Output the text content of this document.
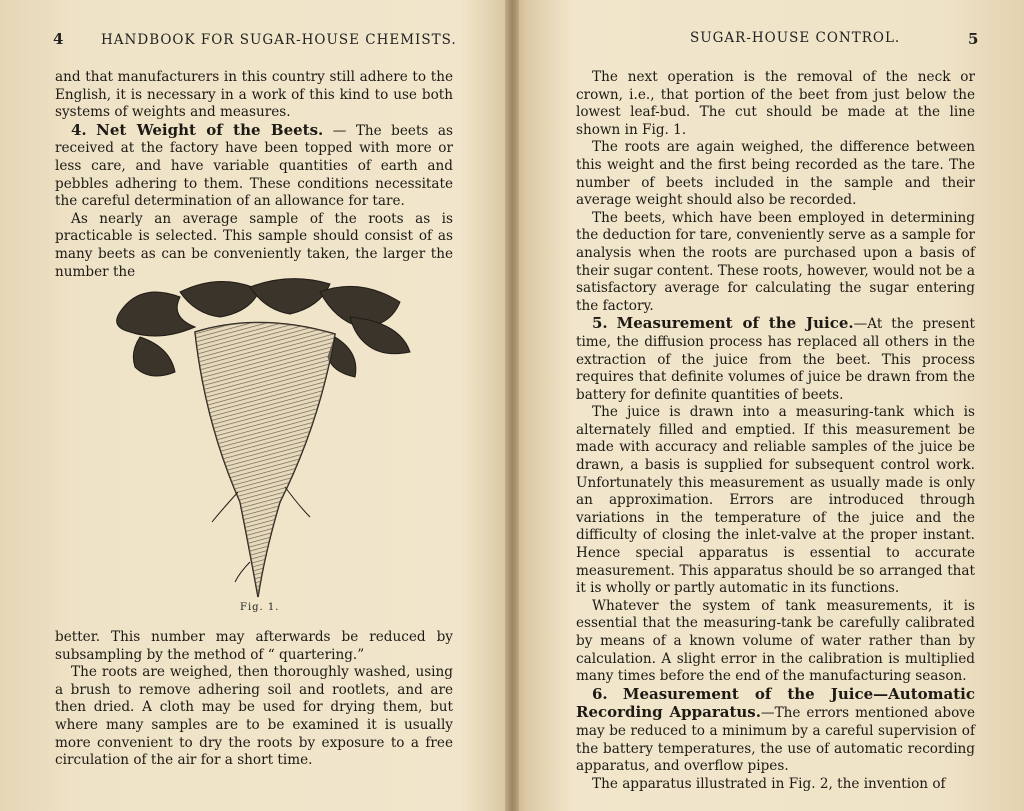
4	HANDBOOK FOR SUGAR-HOUSE CHEMISTS.

and that manufacturers in this country still adhere to the English, it is necessary in a work of this kind to use both systems of weights and measures.

4. Net Weight of the Beets. — The beets as received at the factory have been topped with more or less care, and have variable quantities of earth and pebbles adhering to them. These conditions necessitate the careful determination of an allowance for tare.

As nearly an average sample of the roots as is practicable is selected. This sample should consist of as many beets as can be conveniently taken, the larger the number the

Fig. 1.

better. This number may afterwards be reduced by subsampling by the method of “ quartering.”

The roots are weighed, then thoroughly washed, using a brush to remove adhering soil and rootlets, and are then dried. A cloth may be used for drying them, but where many samples are to be examined it is usually more convenient to dry the roots by exposure to a free circulation of the air for a short time.

SUGAR-HOUSE CONTROL.	5

The next operation is the removal of the neck or crown, i.e., that portion of the beet from just below the lowest leaf-bud. The cut should be made at the line shown in Fig. 1.

The roots are again weighed, the difference between this weight and the first being recorded as the tare. The number of beets included in the sample and their average weight should also be recorded.

The beets, which have been employed in determining the deduction for tare, conveniently serve as a sample for analysis when the roots are purchased upon a basis of their sugar content. These roots, however, would not be a satisfactory average for calculating the sugar entering the factory.

5. Measurement of the Juice.—At the present time, the diffusion process has replaced all others in the extraction of the juice from the beet. This process requires that definite volumes of juice be drawn from the battery for definite quantities of beets.

The juice is drawn into a measuring-tank which is alternately filled and emptied. If this measurement be made with accuracy and reliable samples of the juice be drawn, a basis is supplied for subsequent control work. Unfortunately this measurement as usually made is only an approximation. Errors are introduced through variations in the temperature of the juice and the difficulty of closing the inlet-valve at the proper instant. Hence special apparatus is essential to accurate measurement. This apparatus should be so arranged that it is wholly or partly automatic in its functions.

Whatever the system of tank measurements, it is essential that the measuring-tank be carefully calibrated by means of a known volume of water rather than by calculation. A slight error in the calibration is multiplied many times before the end of the manufacturing season.

6. Measurement of the Juice—Automatic Recording Apparatus.—The errors mentioned above may be reduced to a minimum by a careful supervision of the battery temperatures, the use of automatic recording apparatus, and overflow pipes.

The apparatus illustrated in Fig. 2, the invention of
